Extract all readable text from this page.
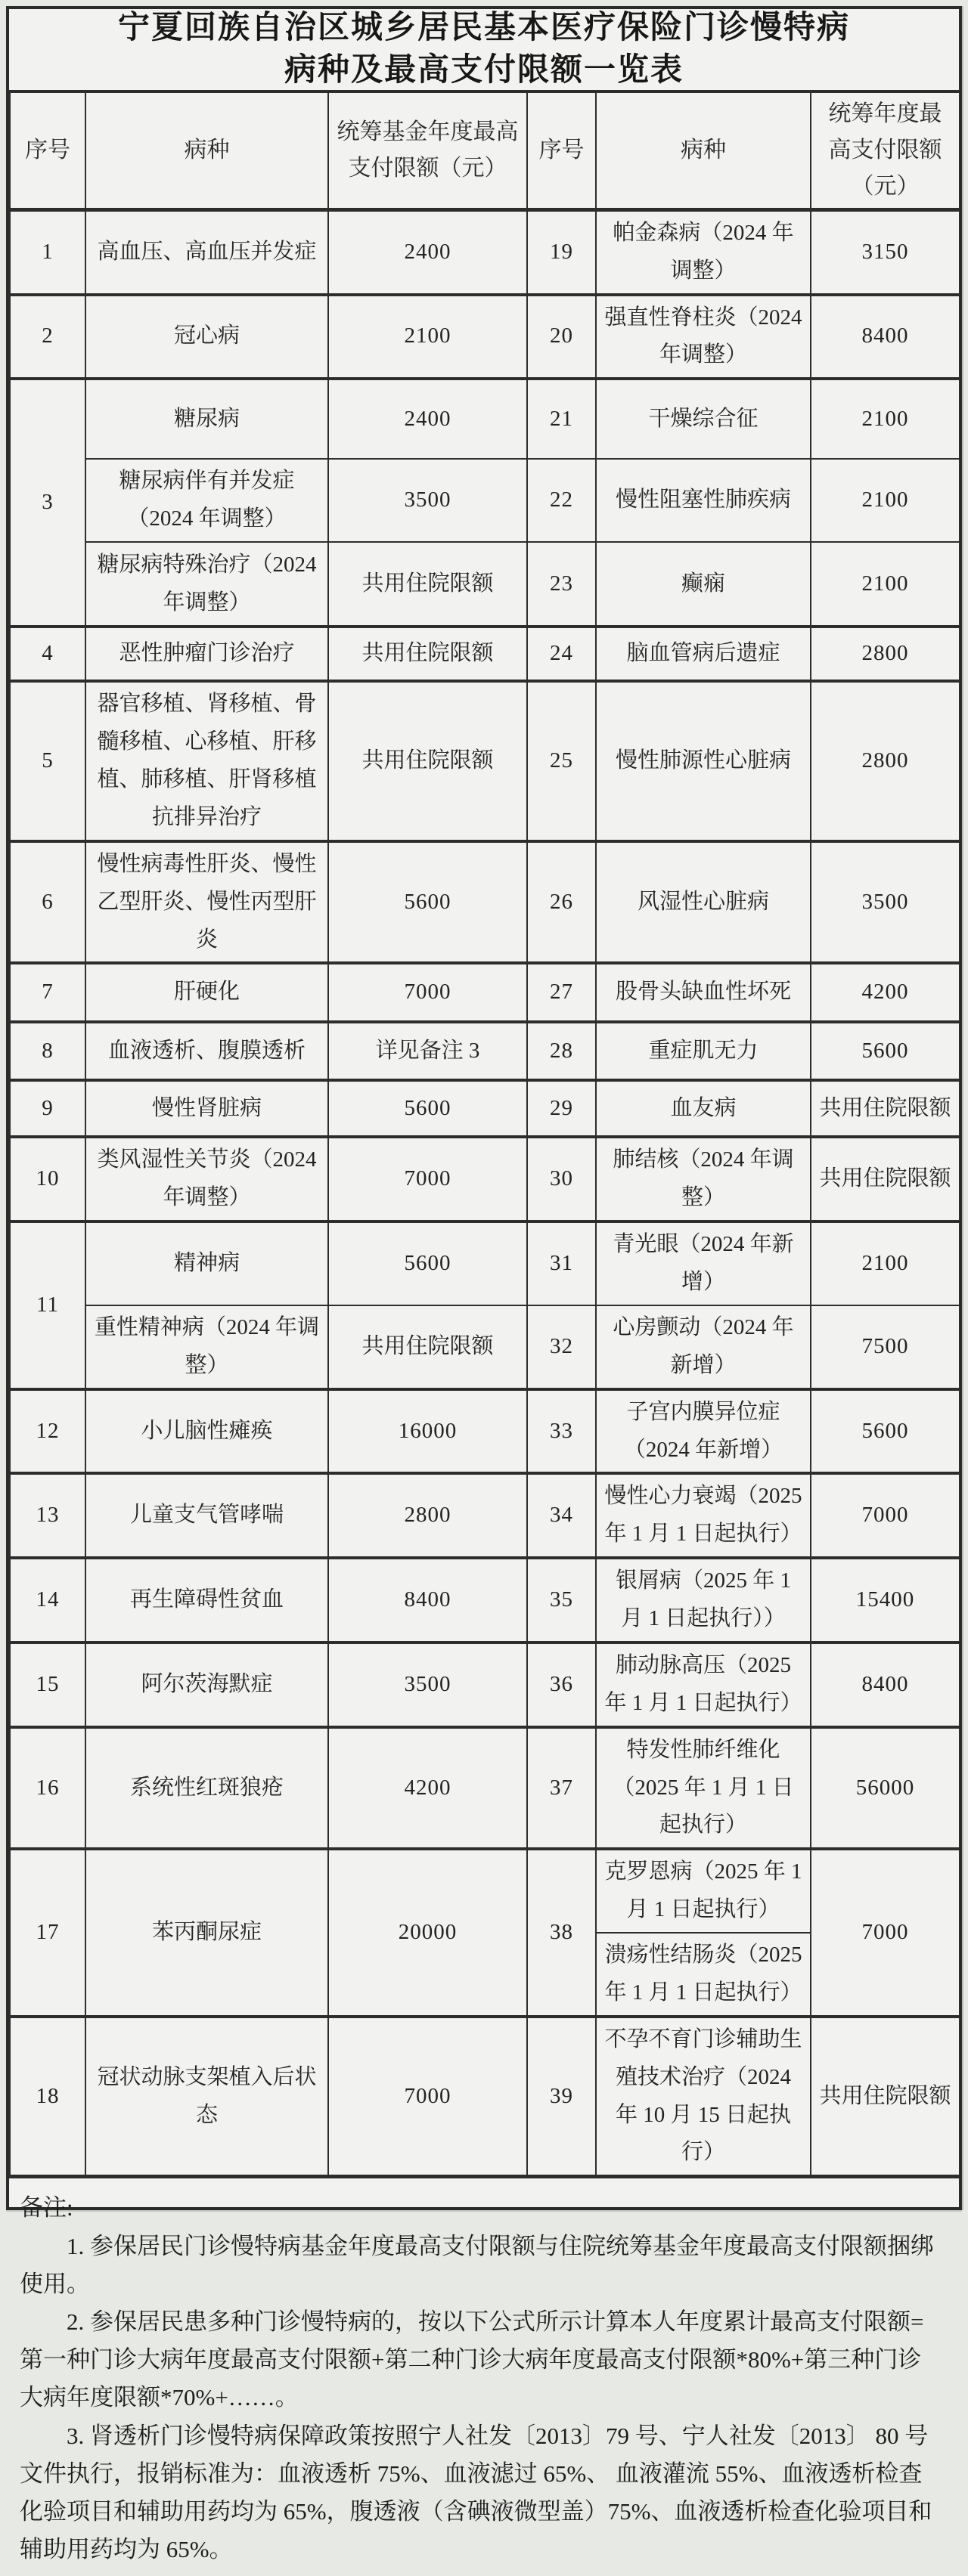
宁夏回族自治区城乡居民基本医疗保险门诊慢特病
病种及最高支付限额一览表
序号	病种	统筹基金年度最高支付限额（元）	序号	病种	统筹年度最高支付限额（元）
1	高血压、高血压并发症	2400	19	帕金森病（2024 年调整）	3150
2	冠心病	2100	20	强直性脊柱炎（2024 年调整）	8400
3	糖尿病	2400	21	干燥综合征	2100
	糖尿病伴有并发症（2024 年调整）	3500	22	慢性阻塞性肺疾病	2100
	糖尿病特殊治疗（2024 年调整）	共用住院限额	23	癫痫	2100
4	恶性肿瘤门诊治疗	共用住院限额	24	脑血管病后遗症	2800
5	器官移植、肾移植、骨髓移植、心移植、肝移植、肺移植、肝肾移植抗排异治疗	共用住院限额	25	慢性肺源性心脏病	2800
6	慢性病毒性肝炎、慢性乙型肝炎、慢性丙型肝炎	5600	26	风湿性心脏病	3500
7	肝硬化	7000	27	股骨头缺血性坏死	4200
8	血液透析、腹膜透析	详见备注 3	28	重症肌无力	5600
9	慢性肾脏病	5600	29	血友病	共用住院限额
10	类风湿性关节炎（2024 年调整）	7000	30	肺结核（2024 年调整）	共用住院限额
11	精神病	5600	31	青光眼（2024 年新增）	2100
	重性精神病（2024 年调整）	共用住院限额	32	心房颤动（2024 年新增）	7500
12	小儿脑性瘫痪	16000	33	子宫内膜异位症（2024 年新增）	5600
13	儿童支气管哮喘	2800	34	慢性心力衰竭（2025 年 1 月 1 日起执行）	7000
14	再生障碍性贫血	8400	35	银屑病（2025 年 1 月 1 日起执行））	15400
15	阿尔茨海默症	3500	36	肺动脉高压（2025 年 1 月 1 日起执行）	8400
16	系统性红斑狼疮	4200	37	特发性肺纤维化（2025 年 1 月 1 日起执行）	56000
17	苯丙酮尿症	20000	38	克罗恩病（2025 年 1 月 1 日起执行）	7000
				溃疡性结肠炎（2025 年 1 月 1 日起执行）	
18	冠状动脉支架植入后状态	7000	39	不孕不育门诊辅助生殖技术治疗（2024 年 10 月 15 日起执行）	共用住院限额

备注:

1. 参保居民门诊慢特病基金年度最高支付限额与住院统筹基金年度最高支付限额捆绑使用。

2. 参保居民患多种门诊慢特病的，按以下公式所示计算本人年度累计最高支付限额=第一种门诊大病年度最高支付限额+第二种门诊大病年度最高支付限额*80%+第三种门诊大病年度限额*70%+……。

3. 肾透析门诊慢特病保障政策按照宁人社发〔2013〕79 号、宁人社发〔2013〕 80 号文件执行，报销标准为：血液透析 75%、血液滤过 65%、 血液灌流 55%、血液透析检查化验项目和辅助用药均为 65%，腹透液（含碘液微型盖）75%、血液透析检查化验项目和辅助用药均为 65%。
